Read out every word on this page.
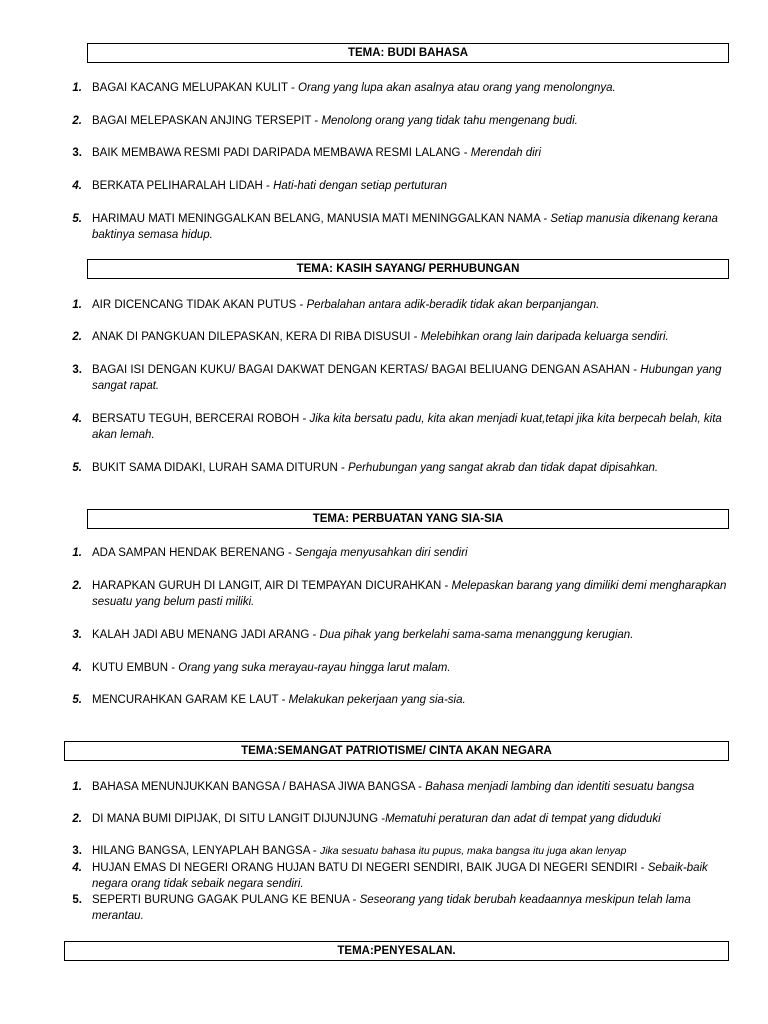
TEMA: BUDI BAHASA
1. BAGAI KACANG MELUPAKAN KULIT - Orang yang lupa akan asalnya atau orang yang menolongnya.
2. BAGAI MELEPASKAN ANJING TERSEPIT - Menolong orang yang tidak tahu mengenang budi.
3. BAIK MEMBAWA RESMI PADI DARIPADA MEMBAWA RESMI LALANG - Merendah diri
4. BERKATA PELIHARALAH LIDAH - Hati-hati dengan setiap pertuturan
5. HARIMAU MATI MENINGGALKAN BELANG, MANUSIA MATI MENINGGALKAN NAMA - Setiap manusia dikenang kerana baktinya semasa hidup.
TEMA: KASIH SAYANG/ PERHUBUNGAN
1. AIR DICENCANG TIDAK AKAN PUTUS - Perbalahan antara adik-beradik tidak akan berpanjangan.
2. ANAK DI PANGKUAN DILEPASKAN, KERA DI RIBA DISUSUI - Melebihkan orang lain daripada keluarga sendiri.
3. BAGAI ISI DENGAN KUKU/ BAGAI DAKWAT DENGAN KERTAS/ BAGAI BELIUANG DENGAN ASAHAN - Hubungan yang sangat rapat.
4. BERSATU TEGUH, BERCERAI ROBOH - Jika kita bersatu padu, kita akan menjadi kuat,tetapi jika kita berpecah belah, kita akan lemah.
5. BUKIT SAMA DIDAKI, LURAH SAMA DITURUN - Perhubungan yang sangat akrab dan tidak dapat dipisahkan.
TEMA: PERBUATAN YANG SIA-SIA
1. ADA SAMPAN HENDAK BERENANG - Sengaja menyusahkan diri sendiri
2. HARAPKAN GURUH DI LANGIT, AIR DI TEMPAYAN DICURAHKAN - Melepaskan barang yang dimiliki demi mengharapkan sesuatu yang belum pasti miliki.
3. KALAH JADI ABU MENANG JADI ARANG - Dua pihak yang berkelahi sama-sama menanggung kerugian.
4. KUTU EMBUN - Orang yang suka merayau-rayau hingga larut malam.
5. MENCURAHKAN GARAM KE LAUT - Melakukan pekerjaan yang sia-sia.
TEMA:SEMANGAT PATRIOTISME/ CINTA AKAN NEGARA
1. BAHASA MENUNJUKKAN BANGSA / BAHASA JIWA BANGSA - Bahasa menjadi lambing dan identiti sesuatu bangsa
2. DI MANA BUMI DIPIJAK, DI SITU LANGIT DIJUNJUNG -Mematuhi peraturan dan adat di tempat yang diduduki
3. HILANG BANGSA, LENYAPLAH BANGSA - Jika sesuatu bahasa itu pupus, maka bangsa itu juga akan lenyap
4. HUJAN EMAS DI NEGERI ORANG HUJAN BATU DI NEGERI SENDIRI, BAIK JUGA DI NEGERI SENDIRI - Sebaik-baik negara orang tidak sebaik negara sendiri.
5. SEPERTI BURUNG GAGAK PULANG KE BENUA - Seseorang yang tidak berubah keadaannya meskipun telah lama merantau.
TEMA:PENYESALAN.
